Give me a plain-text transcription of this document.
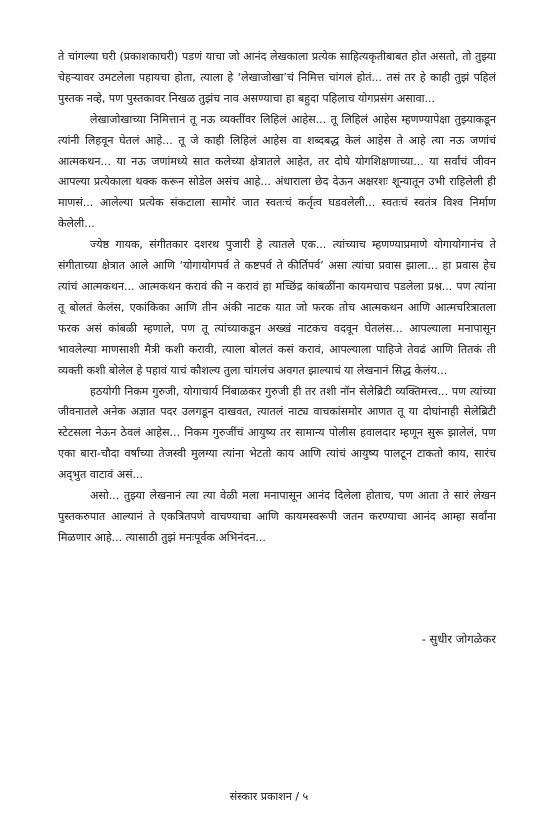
ते चांगल्या घरी (प्रकाशकाघरी) पडणं याचा जो आनंद लेखकाला प्रत्येक साहित्यकृतीबाबत होत असतो, तो तुझ्या चेहऱ्यावर उमटलेला पहायचा होता, त्याला हे ‘लेखाजोखा’चं निमित्त चांगलं होतं... तसं तर हे काही तुझं पहिलं पुस्तक नव्हे, पण पुस्तकावर निखळ तुझंच नाव असण्याचा हा बहुदा पहिलाच योगप्रसंग असावा...

लेखाजोखाच्या निमित्तानं तू नऊ व्यक्तींवर लिहिलं आहेस... तू लिहिलं आहेस म्हणण्यापेक्षा तुझ्याकडून त्यांनी लिहवून घेतलं आहे... तू जे काही लिहिलं आहेस वा शब्दबद्ध केलं आहेस ते आहे त्या नऊ जणांचं आत्मकथन... या नऊ जणांमध्ये सात कलेच्या क्षेत्रातले आहेत, तर दोघे योगशिक्षणाच्या... या सर्वांचं जीवन आपल्या प्रत्येकाला थक्क करून सोडेल असंच आहे... अंधाराला छेद देऊन अक्षरशः शून्यातून उभी राहिलेली ही माणसं... आलेल्या प्रत्येक संकटाला सामोरं जात स्वतःचं कर्तृत्व घडवलेली... स्वतःचं स्वतंत्र विश्व निर्माण केलेली...

ज्येष्ठ गायक, संगीतकार दशरथ पुजारी हे त्यातले एक... त्यांच्याच म्हणण्याप्रमाणे योगायोगानंच ते संगीताच्या क्षेत्रात आले आणि ‘योगायोगपर्व ते कष्टपर्व ते कीर्तिपर्व’ असा त्यांचा प्रवास झाला... हा प्रवास हेच त्यांचं आत्मकथन... आत्मकथन करावं की न करावं हा मच्छिंद्र कांबळींना कायमचाच पडलेला प्रश्न... पण त्यांना तू बोलतं केलंस, एकांकिका आणि तीन अंकी नाटक यात जो फरक तोच आत्मकथन आणि आत्मचरित्रातला फरक असं कांबळी म्हणाले, पण तू त्यांच्याकडून अख्खं नाटकच वदवून घेतलंस... आपल्याला मनापासून भावलेल्या माणसाशी मैत्री कशी करावी, त्याला बोलतं कसं करावं, आपल्याला पाहिजे तेवढं आणि तितकं ती व्यक्ती कशी बोलेल हे पहावं याचं कौशल्य तुला चांगलंच अवगत झाल्याचं या लेखनानं सिद्ध केलंय...

हठयोगी निकम गुरुजी, योगाचार्य निंबाळकर गुरुजी ही तर तशी नॉन सेलेब्रिटी व्यक्तिमत्त्व... पण त्यांच्या जीवनातले अनेक अज्ञात पदर उलगडून दाखवत, त्यातलं नाट्य वाचकांसमोर आणत तू या दोघांनाही सेलेब्रिटी स्टेटसला नेऊन ठेवलं आहेस... निकम गुरुजींचं आयुष्य तर सामान्य पोलीस हवालदार म्हणून सुरू झालेलं, पण एका बारा-चौदा वर्षांच्या तेजस्वी मुलग्या त्यांना भेटतो काय आणि त्यांचं आयुष्य पालटून टाकतो काय, सारंच अद्‌भुत वाटावं असं...

असो... तुझ्या लेखनानं त्या त्या वेळी मला मनापासून आनंद दिलेला होताच, पण आता ते सारं लेखन पुस्तकरुपात आल्यानं ते एकत्रितपणे वाचण्याचा आणि कायमस्वरूपी जतन करण्याचा आनंद आम्हा सर्वांना मिळणार आहे... त्यासाठी तुझं मनःपूर्वक अभिनंदन...

- सुधीर जोगळेकर
संस्कार प्रकाशन / ५
